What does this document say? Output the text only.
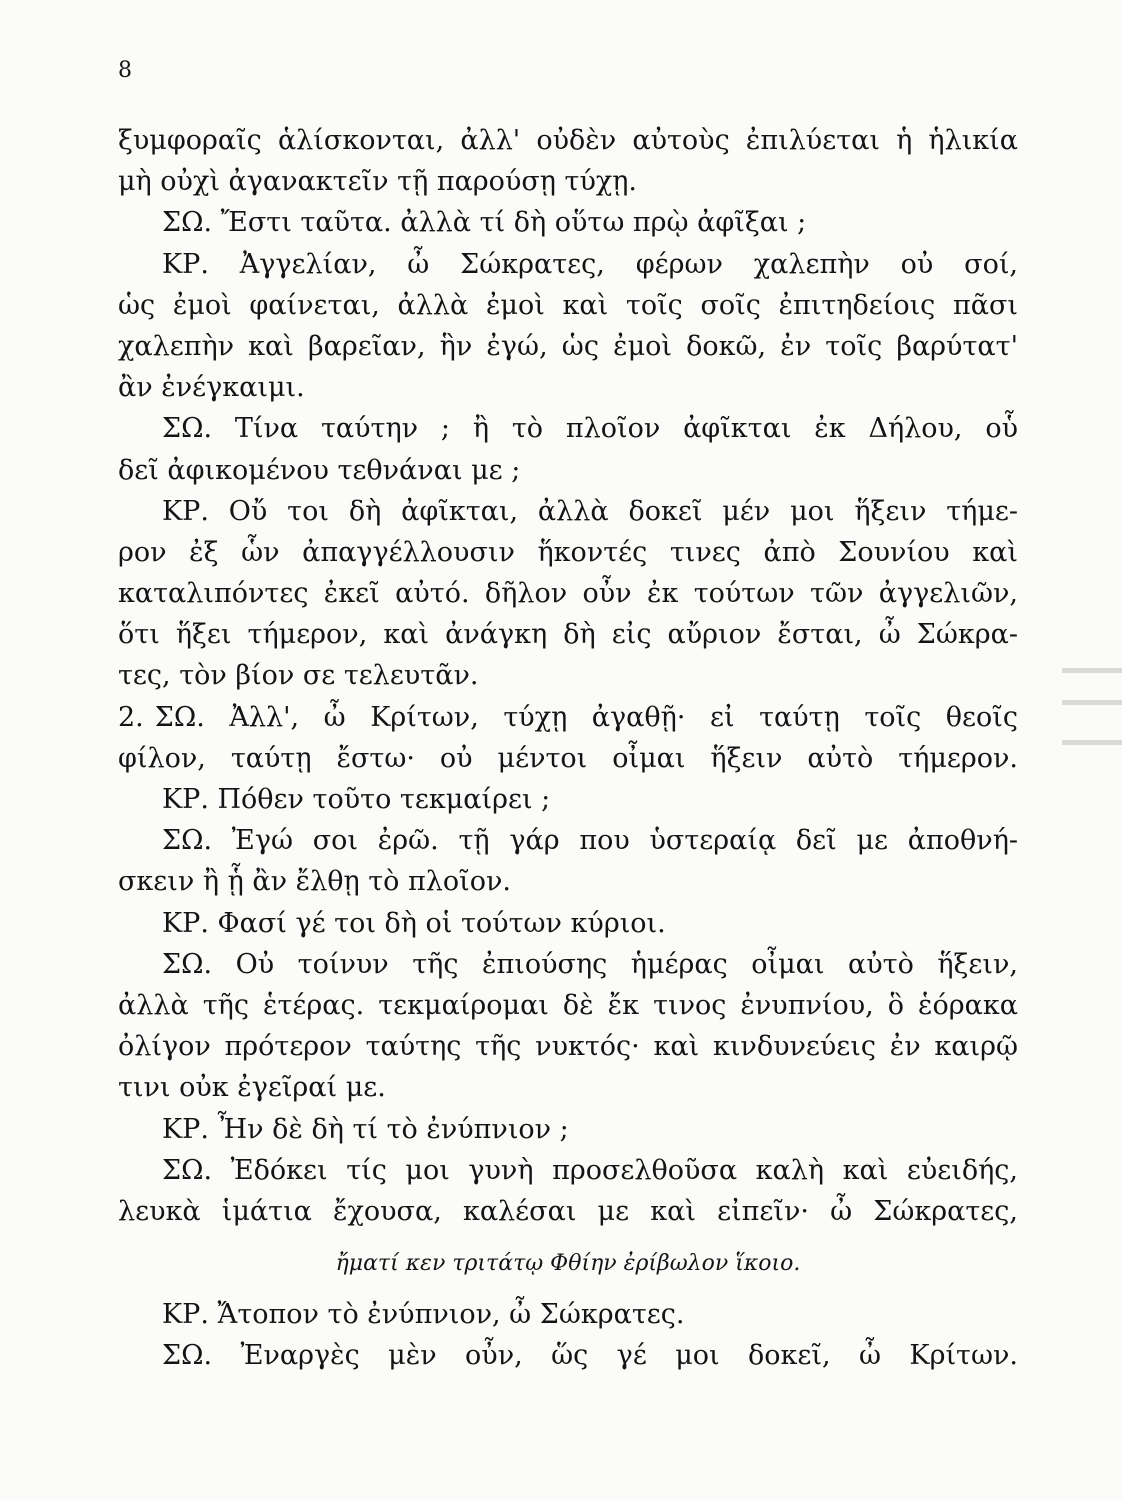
8
ξυμφοραῖς ἁλίσκονται, ἀλλ' οὐδὲν αὐτοὺς ἐπιλύεται ἡ ἡλικία
μὴ οὐχὶ ἀγανακτεῖν τῇ παρούσῃ τύχῃ.
ΣΩ. Ἔστι ταῦτα. ἀλλὰ τί δὴ οὕτω πρῲ ἀφῖξαι ;
ΚΡ. Ἀγγελίαν, ὦ Σώκρατες, φέρων χαλεπὴν οὐ σοί,
ὡς ἐμοὶ φαίνεται, ἀλλὰ ἐμοὶ καὶ τοῖς σοῖς ἐπιτηδείοις πᾶσι
χαλεπὴν καὶ βαρεῖαν, ἣν ἐγώ, ὡς ἐμοὶ δοκῶ, ἐν τοῖς βαρύτατ'
ἂν ἐνέγκαιμι.
ΣΩ. Τίνα ταύτην ; ἢ τὸ πλοῖον ἀφῖκται ἐκ Δήλου, οὗ
δεῖ ἀφικομένου τεθνάναι με ;
ΚΡ. Οὔ τοι δὴ ἀφῖκται, ἀλλὰ δοκεῖ μέν μοι ἥξειν τήμε-
ρον ἐξ ὧν ἀπαγγέλλουσιν ἥκοντές τινες ἀπὸ Σουνίου καὶ
καταλιπόντες ἐκεῖ αὐτό. δῆλον οὖν ἐκ τούτων τῶν ἀγγελιῶν,
ὅτι ἥξει τήμερον, καὶ ἀνάγκη δὴ εἰς αὔριον ἔσται, ὦ Σώκρα-
τες, τὸν βίον σε τελευτᾶν.
2. ΣΩ. Ἀλλ', ὦ Κρίτων, τύχῃ ἀγαθῇ· εἰ ταύτῃ τοῖς θεοῖς
φίλον, ταύτῃ ἔστω· οὐ μέντοι οἶμαι ἥξειν αὐτὸ τήμερον.
ΚΡ. Πόθεν τοῦτο τεκμαίρει ;
ΣΩ. Ἐγώ σοι ἐρῶ. τῇ γάρ που ὑστεραίᾳ δεῖ με ἀποθνή-
σκειν ἢ ᾗ ἂν ἔλθῃ τὸ πλοῖον.
ΚΡ. Φασί γέ τοι δὴ οἱ τούτων κύριοι.
ΣΩ. Οὐ τοίνυν τῆς ἐπιούσης ἡμέρας οἶμαι αὐτὸ ἥξειν,
ἀλλὰ τῆς ἑτέρας. τεκμαίρομαι δὲ ἔκ τινος ἐνυπνίου, ὃ ἑόρακα
ὀλίγον πρότερον ταύτης τῆς νυκτός· καὶ κινδυνεύεις ἐν καιρῷ
τινι οὐκ ἐγεῖραί με.
ΚΡ. Ἦν δὲ δὴ τί τὸ ἐνύπνιον ;
ΣΩ. Ἐδόκει τίς μοι γυνὴ προσελθοῦσα καλὴ καὶ εὐειδής,
λευκὰ ἱμάτια ἔχουσα, καλέσαι με καὶ εἰπεῖν· ὦ Σώκρατες,
ἤματί κεν τριτάτῳ Φθίην ἐρίβωλον ἵκοιο.
ΚΡ. Ἄτοπον τὸ ἐνύπνιον, ὦ Σώκρατες.
ΣΩ. Ἐναργὲς μὲν οὖν, ὥς γέ μοι δοκεῖ, ὦ Κρίτων.
